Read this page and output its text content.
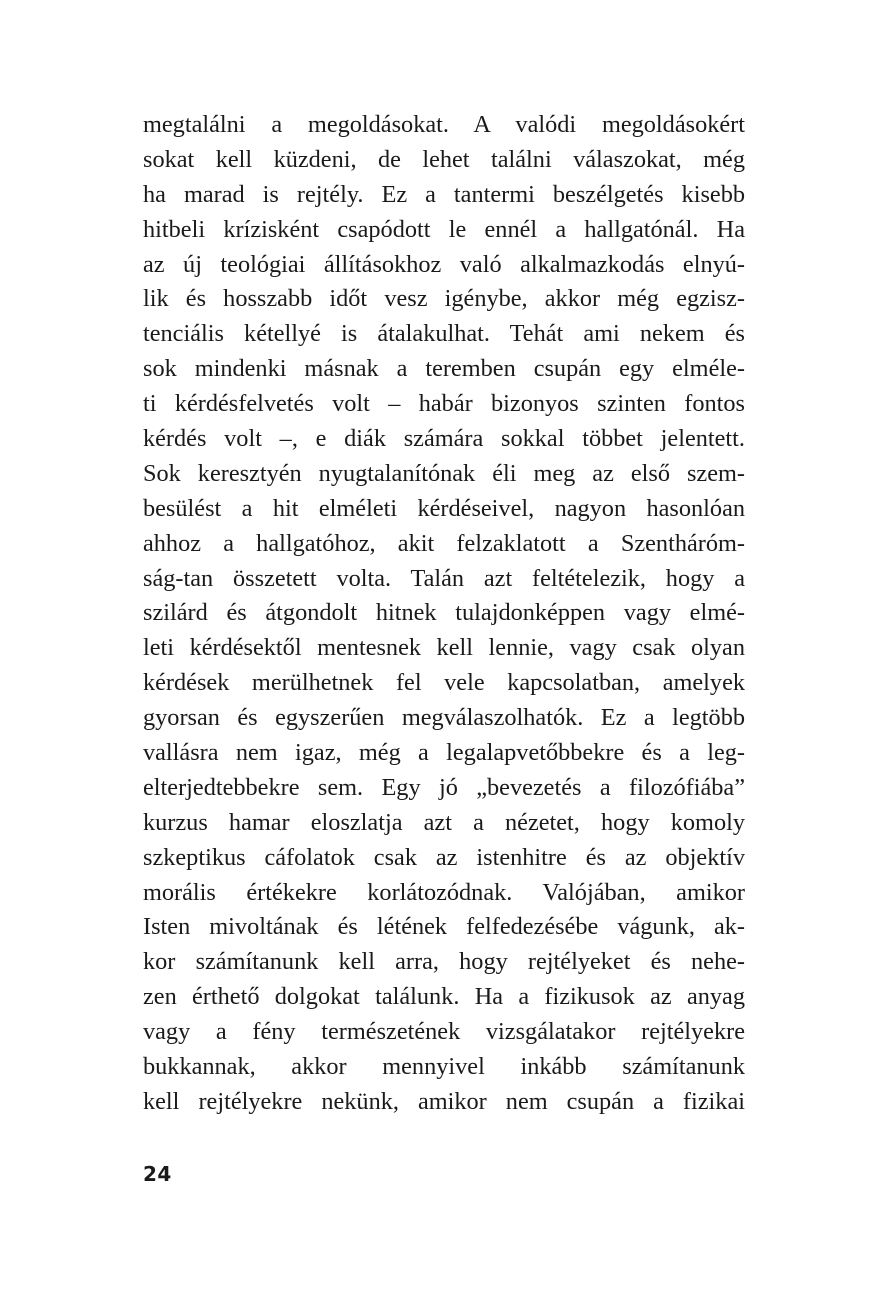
megtalálni a megoldásokat. A valódi megoldásokért
sokat kell küzdeni, de lehet találni válaszokat, még
ha marad is rejtély. Ez a tantermi beszélgetés kisebb
hitbeli krízisként csapódott le ennél a hallgatónál. Ha
az új teológiai állításokhoz való alkalmazkodás elnyú-
lik és hosszabb időt vesz igénybe, akkor még egzisz-
tenciális kétellyé is átalakulhat. Tehát ami nekem és
sok mindenki másnak a teremben csupán egy elméle-
ti kérdésfelvetés volt – habár bizonyos szinten fontos
kérdés volt –, e diák számára sokkal többet jelentett.
Sok keresztyén nyugtalanítónak éli meg az első szem-
besülést a hit elméleti kérdéseivel, nagyon hasonlóan
ahhoz a hallgatóhoz, akit felzaklatott a Szentháróm-
ság-tan összetett volta. Talán azt feltételezik, hogy a
szilárd és átgondolt hitnek tulajdonképpen vagy elmé-
leti kérdésektől mentesnek kell lennie, vagy csak olyan
kérdések merülhetnek fel vele kapcsolatban, amelyek
gyorsan és egyszerűen megválaszolhatók. Ez a legtöbb
vallásra nem igaz, még a legalapvetőbbekre és a leg-
elterjedtebbekre sem. Egy jó „bevezetés a filozófiába”
kurzus hamar eloszlatja azt a nézetet, hogy komoly
szkeptikus cáfolatok csak az istenhitre és az objektív
morális értékekre korlátozódnak. Valójában, amikor
Isten mivoltának és létének felfedezésébe vágunk, ak-
kor számítanunk kell arra, hogy rejtélyeket és nehe-
zen érthető dolgokat találunk. Ha a fizikusok az anyag
vagy a fény természetének vizsgálatakor rejtélyekre
bukkannak, akkor mennyivel inkább számítanunk
kell rejtélyekre nekünk, amikor nem csupán a fizikai
24
